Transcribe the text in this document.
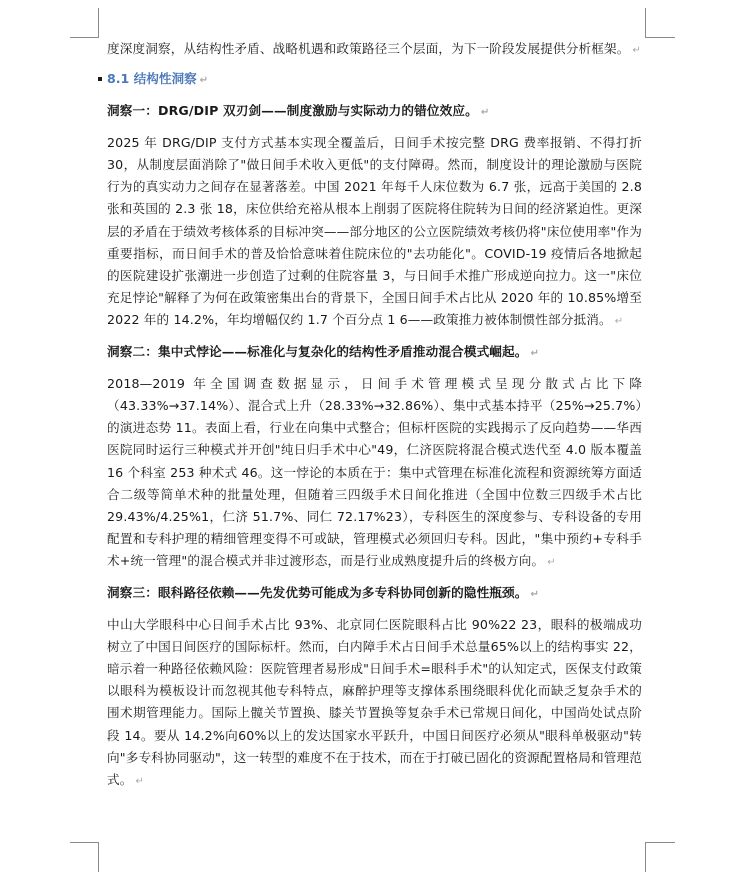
度深度洞察，从结构性矛盾、战略机遇和政策路径三个层面，为下一阶段发展提供分析框架。 ↵

8.1 结构性洞察 ↵

洞察一：DRG/DIP 双刃剑——制度激励与实际动力的错位效应。 ↵

2025 年 DRG/DIP 支付方式基本实现全覆盖后，日间手术按完整 DRG 费率报销、不得打折 30，从制度层面消除了"做日间手术收入更低"的支付障碍。然而，制度设计的理论激励与医院行为的真实动力之间存在显著落差。中国 2021 年每千人床位数为 6.7 张，远高于美国的 2.8 张和英国的 2.3 张 18，床位供给充裕从根本上削弱了医院将住院转为日间的经济紧迫性。更深层的矛盾在于绩效考核体系的目标冲突——部分地区的公立医院绩效考核仍将"床位使用率"作为重要指标，而日间手术的普及恰恰意味着住院床位的"去功能化"。COVID-19 疫情后各地掀起的医院建设扩张潮进一步创造了过剩的住院容量 3，与日间手术推广形成逆向拉力。这一"床位充足悖论"解释了为何在政策密集出台的背景下，全国日间手术占比从 2020 年的 10.85%增至 2022 年的 14.2%，年均增幅仅约 1.7 个百分点 1 6——政策推力被体制惯性部分抵消。 ↵

洞察二：集中式悖论——标准化与复杂化的结构性矛盾推动混合模式崛起。 ↵

2018—2019 年全国调查数据显示，日间手术管理模式呈现分散式占比下降（43.33%→37.14%）、混合式上升（28.33%→32.86%）、集中式基本持平（25%→25.7%）的演进态势 11。表面上看，行业在向集中式整合；但标杆医院的实践揭示了反向趋势——华西医院同时运行三种模式并开创"纯日归手术中心"49，仁济医院将混合模式迭代至 4.0 版本覆盖 16 个科室 253 种术式 46。这一悖论的本质在于：集中式管理在标准化流程和资源统筹方面适合二级等简单术种的批量处理，但随着三四级手术日间化推进（全国中位数三四级手术占比 29.43%/4.25%1，仁济 51.7%、同仁 72.17%23），专科医生的深度参与、专科设备的专用配置和专科护理的精细管理变得不可或缺，管理模式必须回归专科。因此，"集中预约+专科手术+统一管理"的混合模式并非过渡形态，而是行业成熟度提升后的终极方向。 ↵

洞察三：眼科路径依赖——先发优势可能成为多专科协同创新的隐性瓶颈。 ↵

中山大学眼科中心日间手术占比 93%、北京同仁医院眼科占比 90%22 23，眼科的极端成功树立了中国日间医疗的国际标杆。然而，白内障手术占日间手术总量65%以上的结构事实 22，暗示着一种路径依赖风险：医院管理者易形成"日间手术=眼科手术"的认知定式，医保支付政策以眼科为模板设计而忽视其他专科特点，麻醉护理等支撑体系围绕眼科优化而缺乏复杂手术的围术期管理能力。国际上髋关节置换、膝关节置换等复杂手术已常规日间化，中国尚处试点阶段 14。要从 14.2%向60%以上的发达国家水平跃升，中国日间医疗必须从"眼科单极驱动"转向"多专科协同驱动"，这一转型的难度不在于技术，而在于打破已固化的资源配置格局和管理范式。 ↵
